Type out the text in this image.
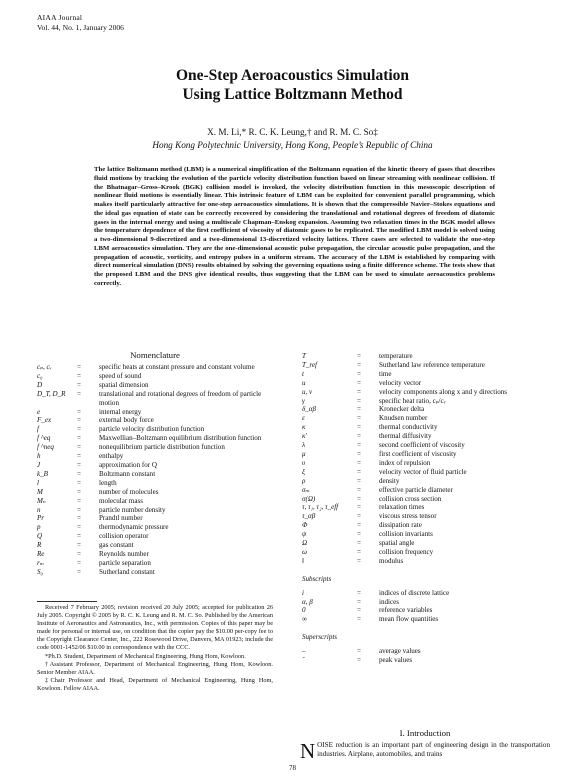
AIAA Journal
Vol. 44, No. 1, January 2006
One-Step Aeroacoustics Simulation
Using Lattice Boltzmann Method
X. M. Li,* R. C. K. Leung,† and R. M. C. So‡
Hong Kong Polytechnic University, Hong Kong, People’s Republic of China
The lattice Boltzmann method (LBM) is a numerical simplification of the Boltzmann equation of the kinetic theory of gases that describes fluid motions by tracking the evolution of the particle velocity distribution function based on linear streaming with nonlinear collision. If the Bhatnagar–Gross–Krook (BGK) collision model is invoked, the velocity distribution function in this mesoscopic description of nonlinear fluid motions is essentially linear. This intrinsic feature of LBM can be exploited for convenient parallel programming, which makes itself particularly attractive for one-step aeroacoustics simulations. It is shown that the compressible Navier–Stokes equations and the ideal gas equation of state can be correctly recovered by considering the translational and rotational degrees of freedom of diatomic gases in the internal energy and using a multiscale Chapman–Enskog expansion. Assuming two relaxation times in the BGK model allows the temperature dependence of the first coefficient of viscosity of diatomic gases to be replicated. The modified LBM model is solved using a two-dimensional 9-discretized and a two-dimensional 13-discretized velocity lattices. Three cases are selected to validate the one-step LBM aeroacoustics simulation. They are the one-dimensional acoustic pulse propagation, the circular acoustic pulse propagation, and the propagation of acoustic, vorticity, and entropy pulses in a uniform stream. The accuracy of the LBM is established by comparing with direct numerical simulation (DNS) results obtained by solving the governing equations using a finite difference scheme. The tests show that the proposed LBM and the DNS give identical results, thus suggesting that the LBM can be used to simulate aeroacoustics problems correctly.
Nomenclature
cₚ, cᵥ	=	specific heats at constant pressure and constant volume
c₀	=	speed of sound
D	=	spatial dimension
D_T, D_R	=	translational and rotational degrees of freedom of particle motion
e	=	internal energy
F_ex	=	external body force
f	=	particle velocity distribution function
f ^eq	=	Maxwellian–Boltzmann equilibrium distribution function
f ^neq	=	nonequilibrium particle distribution function
h	=	enthalpy
J	=	approximation for Q
k_B	=	Boltzmann constant
l	=	length
M	=	number of molecules
Mₙ	=	molecular mass
n	=	particle number density
Pr	=	Prandtl number
p	=	thermodynamic pressure
Q	=	collision operator
R	=	gas constant
Re	=	Reynolds number
rₘ	=	particle separation
S₀	=	Sutherland constant
T	=	temperature
T_ref	=	Sutherland law reference temperature
t	=	time
u	=	velocity vector
u, v	=	velocity components along x and y directions
γ	=	specific heat ratio, cₚ/cᵥ
δ_αβ	=	Kronecker delta
ε	=	Knudsen number
κ	=	thermal conductivity
κ′	=	thermal diffusivity
λ	=	second coefficient of viscosity
μ	=	first coefficient of viscosity
υ	=	index of repulsion
ξ	=	velocity vector of fluid particle
ρ	=	density
σₘ	=	effective particle diameter
σ(Ω)	=	collision cross section
τ, τ₁, τ₂, τ_eff	=	relaxation times
τ_αβ	=	viscous stress tensor
Φ	=	dissipation rate
ψ	=	collision invariants
Ω	=	spatial angle
ω	=	collision frequency
‖	=	modulus
Subscripts
i	=	indices of discrete lattice
α, β	=	indices
0	=	reference variables
∞	=	mean flow quantities
Superscripts
–	=	average values
ˆ	=	peak values

Received 7 February 2005; revision received 20 July 2005; accepted for publication 26 July 2005. Copyright © 2005 by R. C. K. Leung and R. M. C. So. Published by the American Institute of Aeronautics and Astronautics, Inc., with permission. Copies of this paper may be made for personal or internal use, on condition that the copier pay the $10.00 per-copy fee to the Copyright Clearance Center, Inc., 222 Rosewood Drive, Danvers, MA 01923; include the code 0001-1452/06 $10.00 in correspondence with the CCC.

*Ph.D. Student, Department of Mechanical Engineering, Hung Hom, Kowloon.

†Assistant Professor, Department of Mechanical Engineering, Hung Hom, Kowloon. Senior Member AIAA.

‡Chair Professor and Head, Department of Mechanical Engineering, Hung Hom, Kowloon. Fellow AIAA.

I. Introduction
N OISE reduction is an important part of engineering design in the transportation industries. Airplane, automobiles, and trains
78
